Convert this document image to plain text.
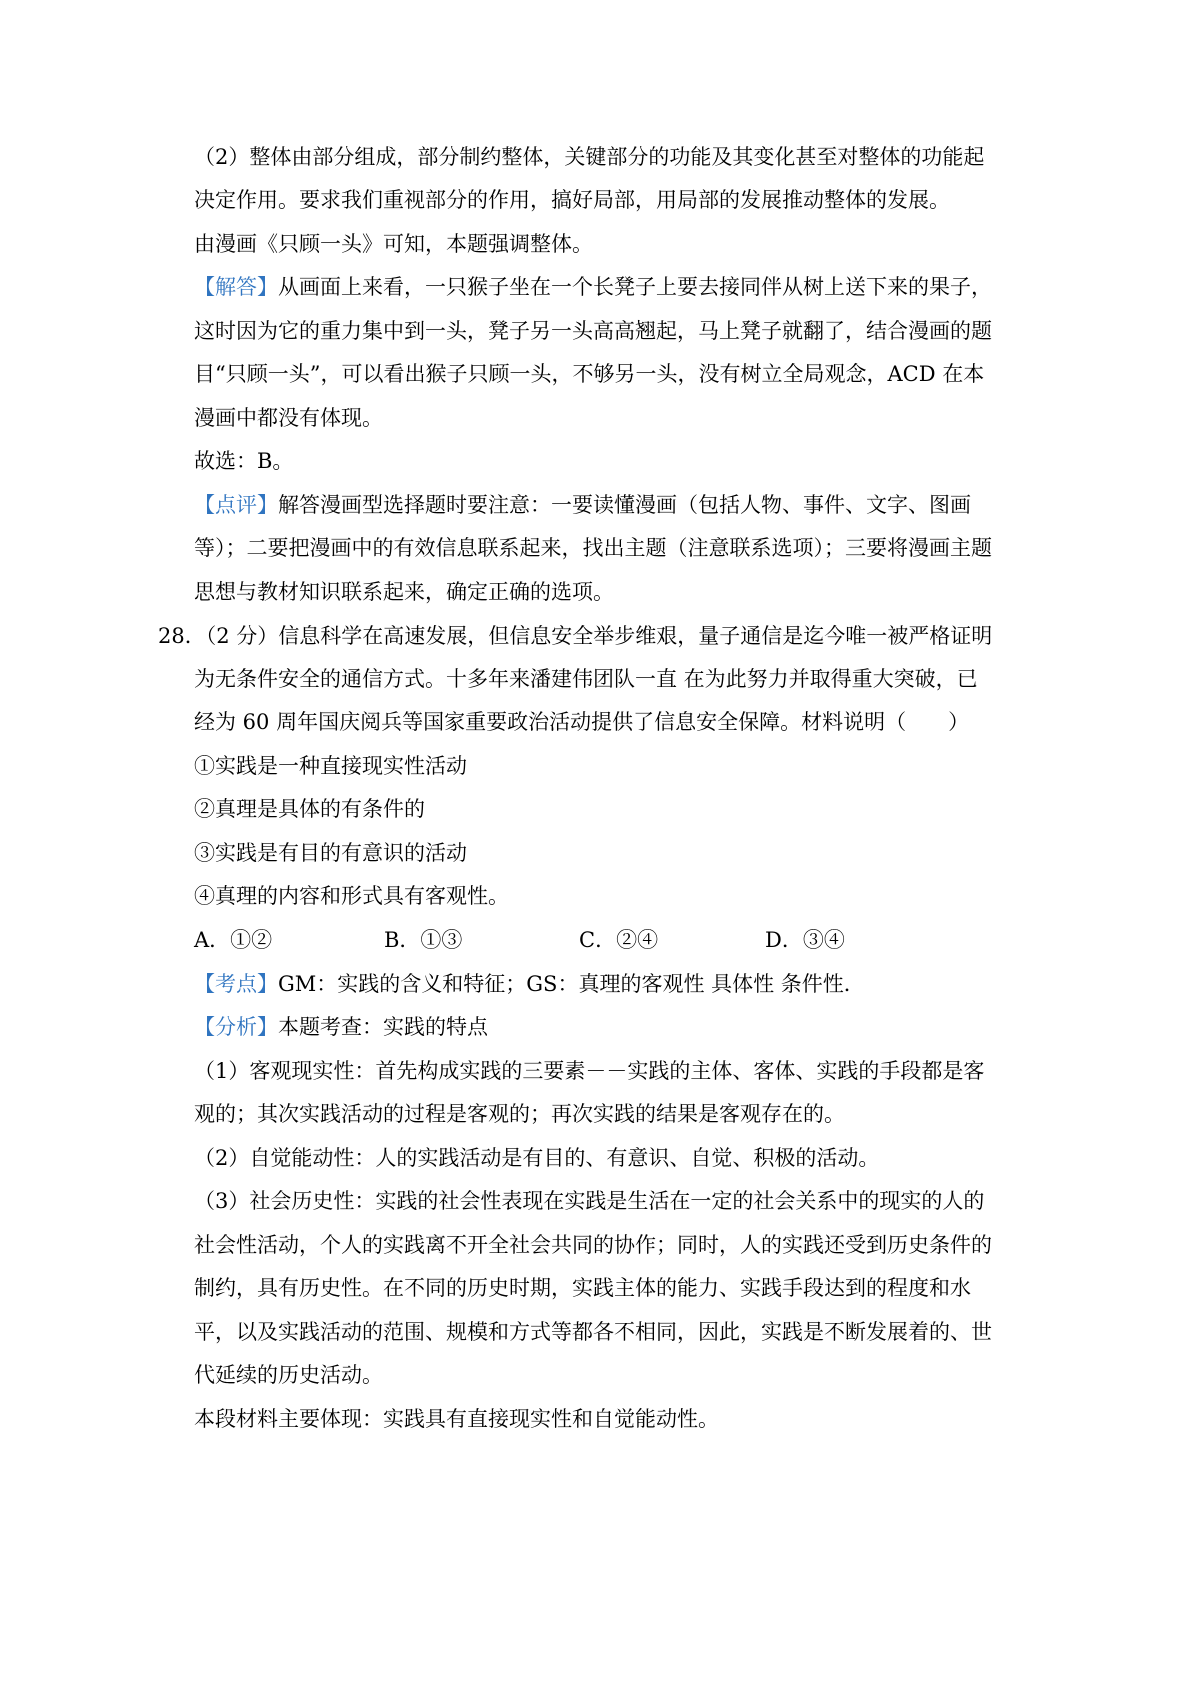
（2）整体由部分组成，部分制约整体，关键部分的功能及其变化甚至对整体的功能起
决定作用。要求我们重视部分的作用，搞好局部，用局部的发展推动整体的发展。
由漫画《只顾一头》可知，本题强调整体。
【解答】从画面上来看，一只猴子坐在一个长凳子上要去接同伴从树上送下来的果子，
这时因为它的重力集中到一头，凳子另一头高高翘起，马上凳子就翻了，结合漫画的题
目“只顾一头”，可以看出猴子只顾一头，不够另一头，没有树立全局观念，ACD 在本
漫画中都没有体现。
故选：B。
【点评】解答漫画型选择题时要注意：一要读懂漫画（包括人物、事件、文字、图画
等）；二要把漫画中的有效信息联系起来，找出主题（注意联系选项）；三要将漫画主题
思想与教材知识联系起来，确定正确的选项。
28．（2 分）信息科学在高速发展，但信息安全举步维艰，量子通信是迄今唯一被严格证明
为无条件安全的通信方式。十多年来潘建伟团队一直 在为此努力并取得重大突破，已
经为 60 周年国庆阅兵等国家重要政治活动提供了信息安全保障。材料说明（　　）
①实践是一种直接现实性活动
②真理是具体的有条件的
③实践是有目的有意识的活动
④真理的内容和形式具有客观性。
A．①②	B．①③	C．②④	D．③④
【考点】GM：实践的含义和特征；GS：真理的客观性 具体性 条件性．
【分析】本题考查：实践的特点
（1）客观现实性：首先构成实践的三要素－－实践的主体、客体、实践的手段都是客
观的；其次实践活动的过程是客观的；再次实践的结果是客观存在的。
（2）自觉能动性：人的实践活动是有目的、有意识、自觉、积极的活动。
（3）社会历史性：实践的社会性表现在实践是生活在一定的社会关系中的现实的人的
社会性活动，个人的实践离不开全社会共同的协作；同时，人的实践还受到历史条件的
制约，具有历史性。在不同的历史时期，实践主体的能力、实践手段达到的程度和水
平，以及实践活动的范围、规模和方式等都各不相同，因此，实践是不断发展着的、世
代延续的历史活动。
本段材料主要体现：实践具有直接现实性和自觉能动性。
